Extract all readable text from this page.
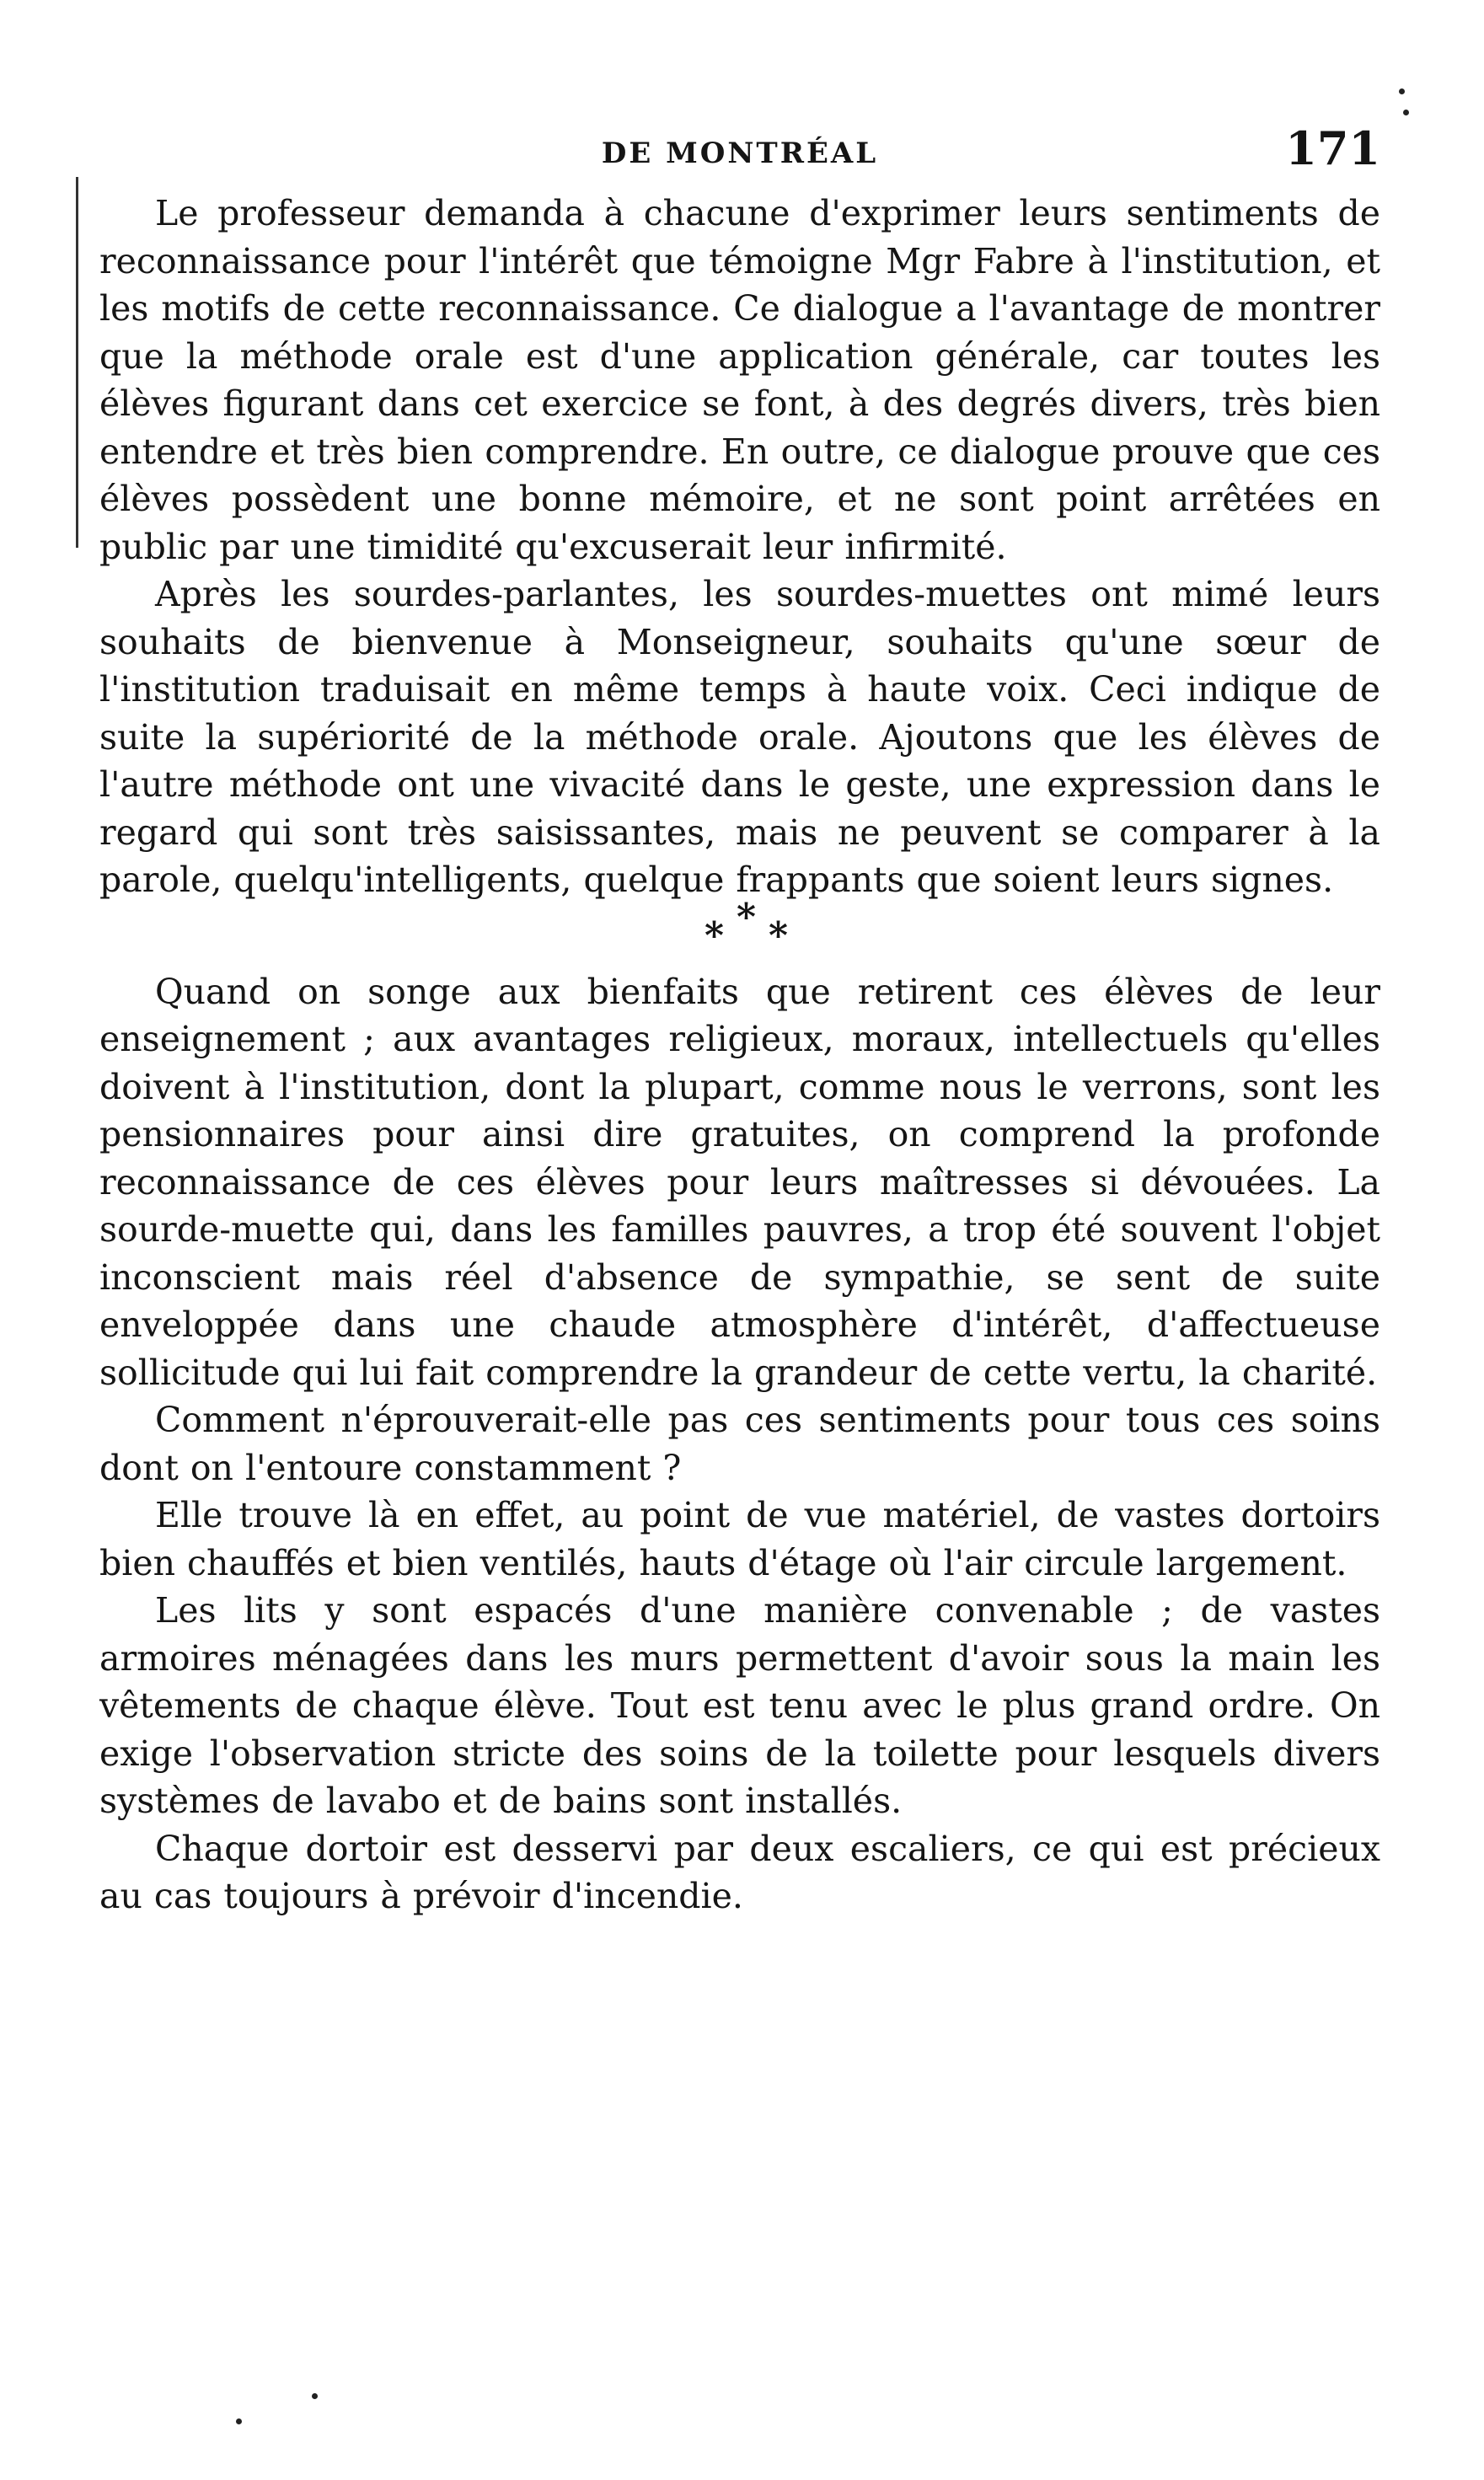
DE MONTRÉAL	171

Le professeur demanda à chacune d'exprimer leurs sentiments de reconnaissance pour l'intérêt que témoigne Mgr Fabre à l'institution, et les motifs de cette reconnaissance. Ce dialogue a l'avantage de montrer que la méthode orale est d'une application générale, car toutes les élèves figurant dans cet exercice se font, à des degrés divers, très bien entendre et très bien comprendre. En outre, ce dialogue prouve que ces élèves possèdent une bonne mémoire, et ne sont point arrêtées en public par une timidité qu'excuserait leur infirmité.

Après les sourdes-parlantes, les sourdes-muettes ont mimé leurs souhaits de bienvenue à Monseigneur, souhaits qu'une sœur de l'institution traduisait en même temps à haute voix. Ceci indique de suite la supériorité de la méthode orale. Ajoutons que les élèves de l'autre méthode ont une vivacité dans le geste, une expression dans le regard qui sont très saisissantes, mais ne peuvent se comparer à la parole, quelqu'intelligents, quelque frappants que soient leurs signes.

* * *

Quand on songe aux bienfaits que retirent ces élèves de leur enseignement ; aux avantages religieux, moraux, intellectuels qu'elles doivent à l'institution, dont la plupart, comme nous le verrons, sont les pensionnaires pour ainsi dire gratuites, on comprend la profonde reconnaissance de ces élèves pour leurs maîtresses si dévouées. La sourde-muette qui, dans les familles pauvres, a trop été souvent l'objet inconscient mais réel d'absence de sympathie, se sent de suite enveloppée dans une chaude atmosphère d'intérêt, d'affectueuse sollicitude qui lui fait comprendre la grandeur de cette vertu, la charité.

Comment n'éprouverait-elle pas ces sentiments pour tous ces soins dont on l'entoure constamment ?

Elle trouve là en effet, au point de vue matériel, de vastes dortoirs bien chauffés et bien ventilés, hauts d'étage où l'air circule largement.

Les lits y sont espacés d'une manière convenable ; de vastes armoires ménagées dans les murs permettent d'avoir sous la main les vêtements de chaque élève. Tout est tenu avec le plus grand ordre. On exige l'observation stricte des soins de la toilette pour lesquels divers systèmes de lavabo et de bains sont installés.

Chaque dortoir est desservi par deux escaliers, ce qui est précieux au cas toujours à prévoir d'incendie.
